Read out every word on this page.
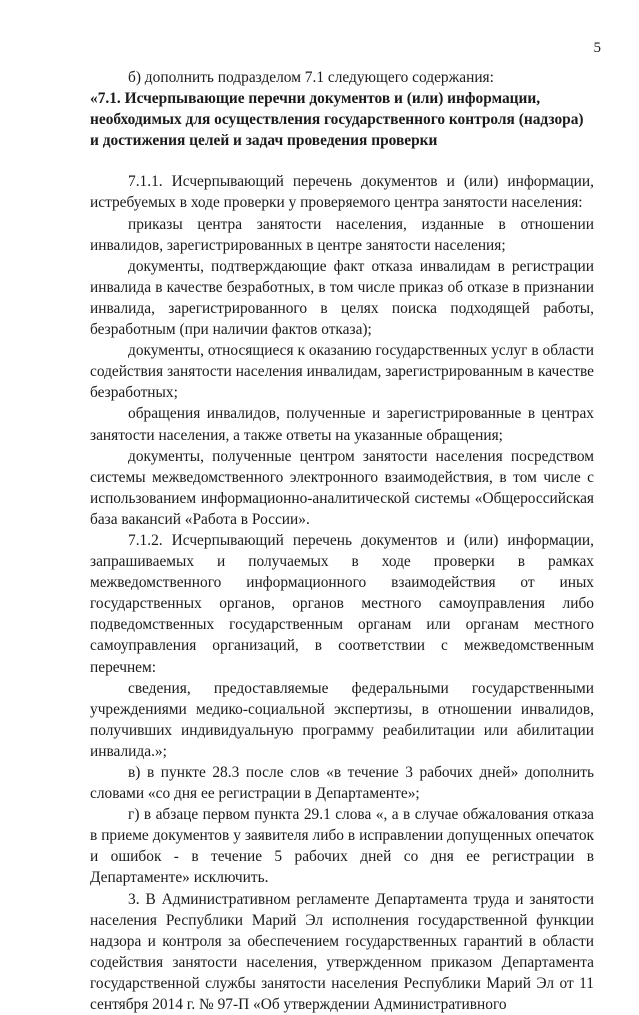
5

б) дополнить подразделом 7.1 следующего содержания:

«7.1. Исчерпывающие перечни документов и (или) информации,

необходимых для осуществления государственного контроля (надзора)

и достижения целей и задач проведения проверки

7.1.1. Исчерпывающий перечень документов и (или) информации, истребуемых в ходе проверки у проверяемого центра занятости населения:

приказы центра занятости населения, изданные в отношении инвалидов, зарегистрированных в центре занятости населения;

документы, подтверждающие факт отказа инвалидам в регистрации инвалида в качестве безработных, в том числе приказ об отказе в признании инвалида, зарегистрированного в целях поиска подходящей работы, безработным (при наличии фактов отказа);

документы, относящиеся к оказанию государственных услуг в области содействия занятости населения инвалидам, зарегистрированным в качестве безработных;

обращения инвалидов, полученные и зарегистрированные в центрах занятости населения, а также ответы на указанные обращения;

документы, полученные центром занятости населения посредством системы межведомственного электронного взаимодействия, в том числе с использованием информационно-аналитической системы «Общероссийская база вакансий «Работа в России».

7.1.2. Исчерпывающий перечень документов и (или) информации, запрашиваемых и получаемых в ходе проверки в рамках межведомственного информационного взаимодействия от иных государственных органов, органов местного самоуправления либо подведомственных государственным органам или органам местного самоуправления организаций, в соответствии с межведомственным перечнем:

сведения, предоставляемые федеральными государственными учреждениями медико-социальной экспертизы, в отношении инвалидов, получивших индивидуальную программу реабилитации или абилитации инвалида.»;

в) в пункте 28.3 после слов «в течение 3 рабочих дней» дополнить словами «со дня ее регистрации в Департаменте»;

г) в абзаце первом пункта 29.1 слова «, а в случае обжалования отказа в приеме документов у заявителя либо в исправлении допущенных опечаток и ошибок - в течение 5 рабочих дней со дня ее регистрации в Департаменте» исключить.

3. В Административном регламенте Департамента труда и занятости населения Республики Марий Эл исполнения государственной функции надзора и контроля за обеспечением государственных гарантий в области содействия занятости населения, утвержденном приказом Департамента государственной службы занятости населения Республики Марий Эл от 11 сентября 2014 г. № 97-П «Об утверждении Административного
